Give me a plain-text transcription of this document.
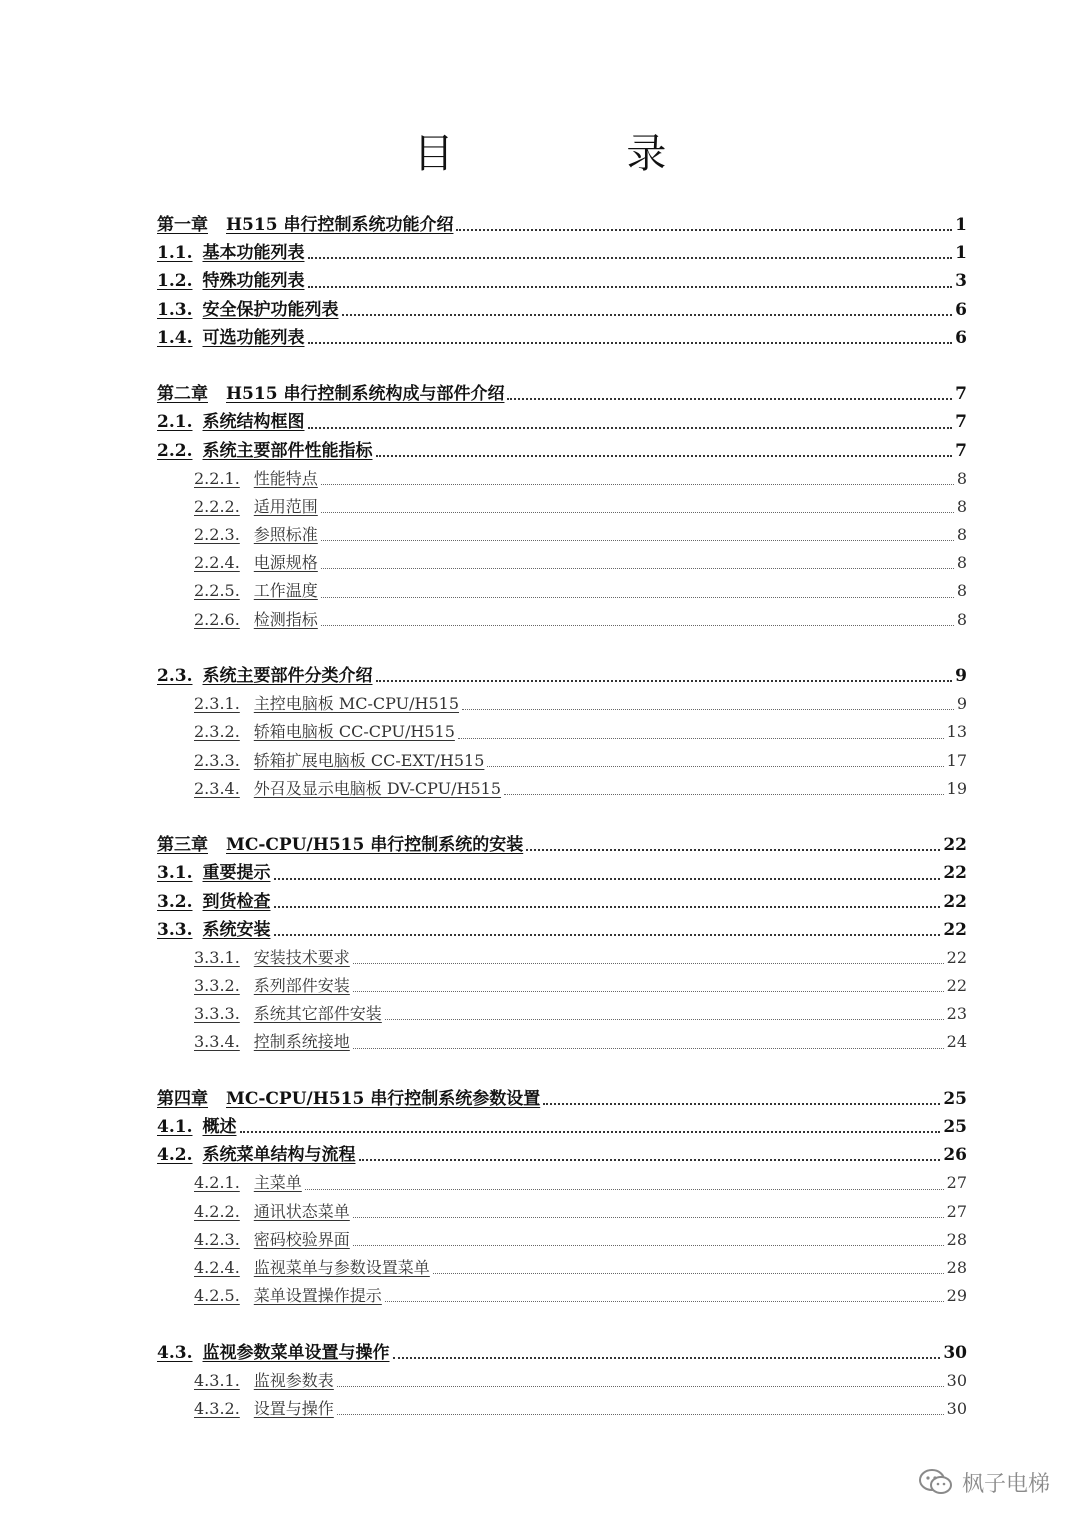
目 录
第一章 H515 串行控制系统功能介绍	1
1.1. 基本功能列表	1
1.2. 特殊功能列表	3
1.3. 安全保护功能列表	6
1.4. 可选功能列表	6
第二章 H515 串行控制系统构成与部件介绍	7
2.1. 系统结构框图	7
2.2. 系统主要部件性能指标	7
2.2.1. 性能特点	8
2.2.2. 适用范围	8
2.2.3. 参照标准	8
2.2.4. 电源规格	8
2.2.5. 工作温度	8
2.2.6. 检测指标	8
2.3. 系统主要部件分类介绍	9
2.3.1. 主控电脑板 MC-CPU/H515	9
2.3.2. 轿箱电脑板 CC-CPU/H515	13
2.3.3. 轿箱扩展电脑板 CC-EXT/H515	17
2.3.4. 外召及显示电脑板 DV-CPU/H515	19
第三章 MC-CPU/H515 串行控制系统的安装	22
3.1. 重要提示	22
3.2. 到货检查	22
3.3. 系统安装	22
3.3.1. 安装技术要求	22
3.3.2. 系列部件安装	22
3.3.3. 系统其它部件安装	23
3.3.4. 控制系统接地	24
第四章 MC-CPU/H515 串行控制系统参数设置	25
4.1. 概述	25
4.2. 系统菜单结构与流程	26
4.2.1. 主菜单	27
4.2.2. 通讯状态菜单	27
4.2.3. 密码校验界面	28
4.2.4. 监视菜单与参数设置菜单	28
4.2.5. 菜单设置操作提示	29
4.3. 监视参数菜单设置与操作	30
4.3.1. 监视参数表	30
4.3.2. 设置与操作	30
枫子电梯
